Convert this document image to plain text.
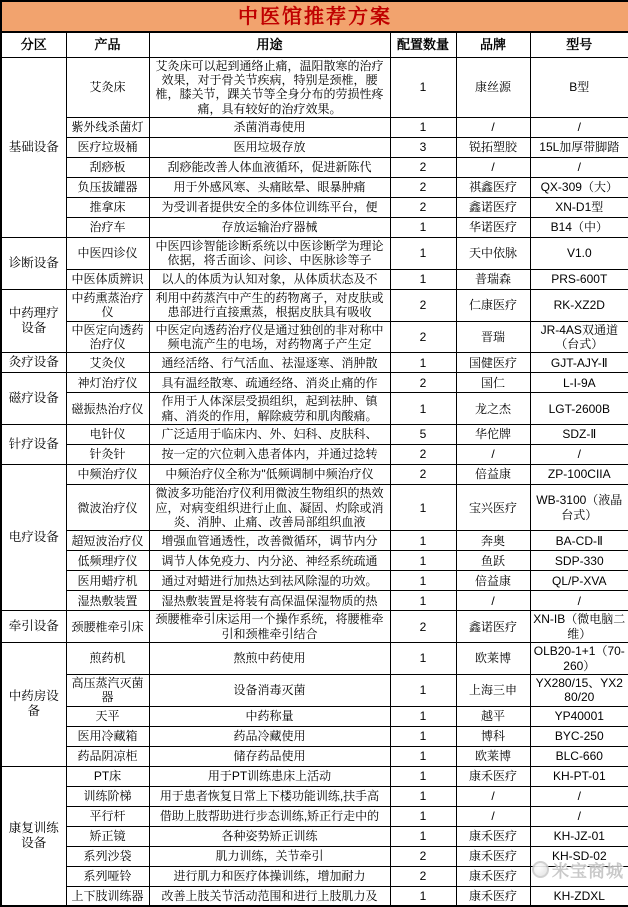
中医馆推荐方案					
分区	产品	用途	配置数量	品牌	型号
基础设备	艾灸床	艾灸床可以起到通络止痛，温阳散寒的治疗效果，对于骨关节疾病，特别是颈椎，腰椎，膝关节，踝关节等全身分布的劳损性疼痛，具有较好的治疗效果。	1	康丝源	B型
	紫外线杀菌灯	杀菌消毒使用	1	/	/
	医疗垃圾桶	医用垃圾存放	3	锐拓塑胶	15L加厚带脚踏
	刮痧板	刮痧能改善人体血液循环，促进新陈代	2	/	/
	负压拔罐器	用于外感风寒、头痛眩晕、眼暴肿痛	2	祺鑫医疗	QX-309（大）
	推拿床	为受训者提供安全的多体位训练平台，便	2	鑫诺医疗	XN-D1型
	治疗车	存放运输治疗器械	1	华诺医疗	B14（中）
诊断设备	中医四诊仪	中医四诊智能诊断系统以中医诊断学为理论依据，将舌面诊、问诊、中医脉诊等子	1	天中依脉	V1.0
	中医体质辨识	以人的体质为认知对象，从体质状态及不	1	普瑞森	PRS-600T
中药理疗设备	中药熏蒸治疗仪	利用中药蒸汽中产生的药物离子，对皮肤或患部进行直接熏蒸，根据皮肤具有吸收	2	仁康医疗	RK-XZ2D
	中医定向透药治疗仪	中医定向透药治疗仪是通过独创的非对称中频电流产生的电场，对药物离子产生定	2	晋瑞	JR-4AS双通道（台式）
灸疗设备	艾灸仪	通经活络、行气活血、祛湿逐寒、消肿散	1	国健医疗	GJT-AJY-Ⅱ
磁疗设备	神灯治疗仪	具有温经散寒、疏通经络、消炎止痛的作	2	国仁	L-I-9A
	磁振热治疗仪	作用于人体深层受损组织，起到祛肿、镇痛、消炎的作用，解除疲劳和肌肉酸痛。	1	龙之杰	LGT-2600B
针疗设备	电针仪	广泛适用于临床内、外、妇科、皮肤科、	5	华佗牌	SDZ-Ⅱ
	针灸针	按一定的穴位刺入患者体内，并通过捻转	2	/	/
电疗设备	中频治疗仪	中频治疗仪全称为"低频调制中频治疗仪	2	倍益康	ZP-100CIIA
	微波治疗仪	微波多功能治疗仪利用微波生物组织的热效应，对病变组织进行止血、凝固、灼除或消炎、消肿、止痛、改善局部组织血液	1	宝兴医疗	WB-3100（液晶台式）
	超短波治疗仪	增强血管通透性，改善微循环，调节内分	1	奔奥	BA-CD-Ⅱ
	低频理疗仪	调节人体免疫力、内分泌、神经系统疏通	1	鱼跃	SDP-330
	医用蜡疗机	通过对蜡进行加热达到祛风除湿的功效。	1	倍益康	QL/P-XVA
	湿热敷装置	湿热敷装置是将装有高保温保湿物质的热	1	/	/
牵引设备	颈腰椎牵引床	颈腰椎牵引床运用一个操作系统，将腰椎牵引和颈椎牵引结合	2	鑫诺医疗	XN-IB（微电脑二维）
中药房设备	煎药机	熬煎中药使用	1	欧莱博	OLB20-1+1（70-260）
	高压蒸汽灭菌器	设备消毒灭菌	1	上海三申	YX280/15、YX280/20
	天平	中药称量	1	越平	YP40001
	医用冷藏箱	药品冷藏使用	1	博科	BYC-250
	药品阴凉柜	储存药品使用	1	欧莱博	BLC-660
康复训练设备	PT床	用于PT训练患床上活动	1	康禾医疗	KH-PT-01
	训练阶梯	用于患者恢复日常上下楼功能训练,扶手高	1	/	/
	平行杆	借助上肢帮助进行步态训练,矫正行走中的	1	/	/
	矫正镜	各种姿势矫正训练	1	康禾医疗	KH-JZ-01
	系列沙袋	肌力训练，关节牵引	2	康禾医疗	KH-SD-02
	系列哑铃	进行肌力和医疗体操训练，增加耐力	2	康禾医疗	
	上下肢训练器	改善上肢关节活动范围和进行上肢肌力及	1	康禾医疗	KH-ZDXL
米宝商城
